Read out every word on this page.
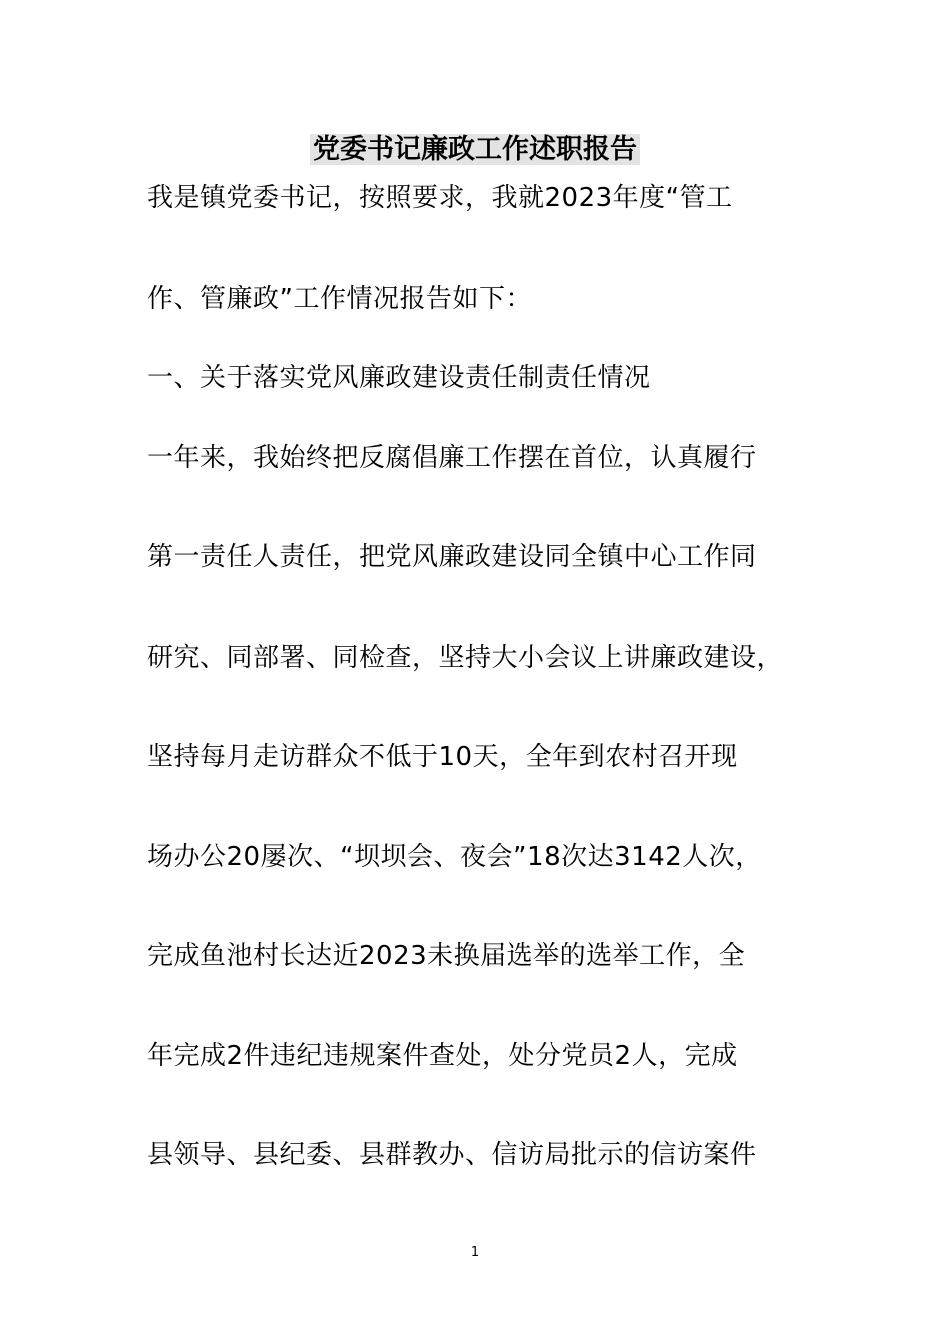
党委书记廉政工作述职报告

我是镇党委书记，按照要求，我就2023年度“管工

作、管廉政”工作情况报告如下：

一、关于落实党风廉政建设责任制责任情况

一年来，我始终把反腐倡廉工作摆在首位，认真履行

第一责任人责任，把党风廉政建设同全镇中心工作同

研究、同部署、同检查，坚持大小会议上讲廉政建设，

坚持每月走访群众不低于10天，全年到农村召开现

场办公20屡次、“坝坝会、夜会”18次达3142人次，

完成鱼池村长达近2023未换届选举的选举工作，全

年完成2件违纪违规案件查处，处分党员2人，完成

县领导、县纪委、县群教办、信访局批示的信访案件

1
